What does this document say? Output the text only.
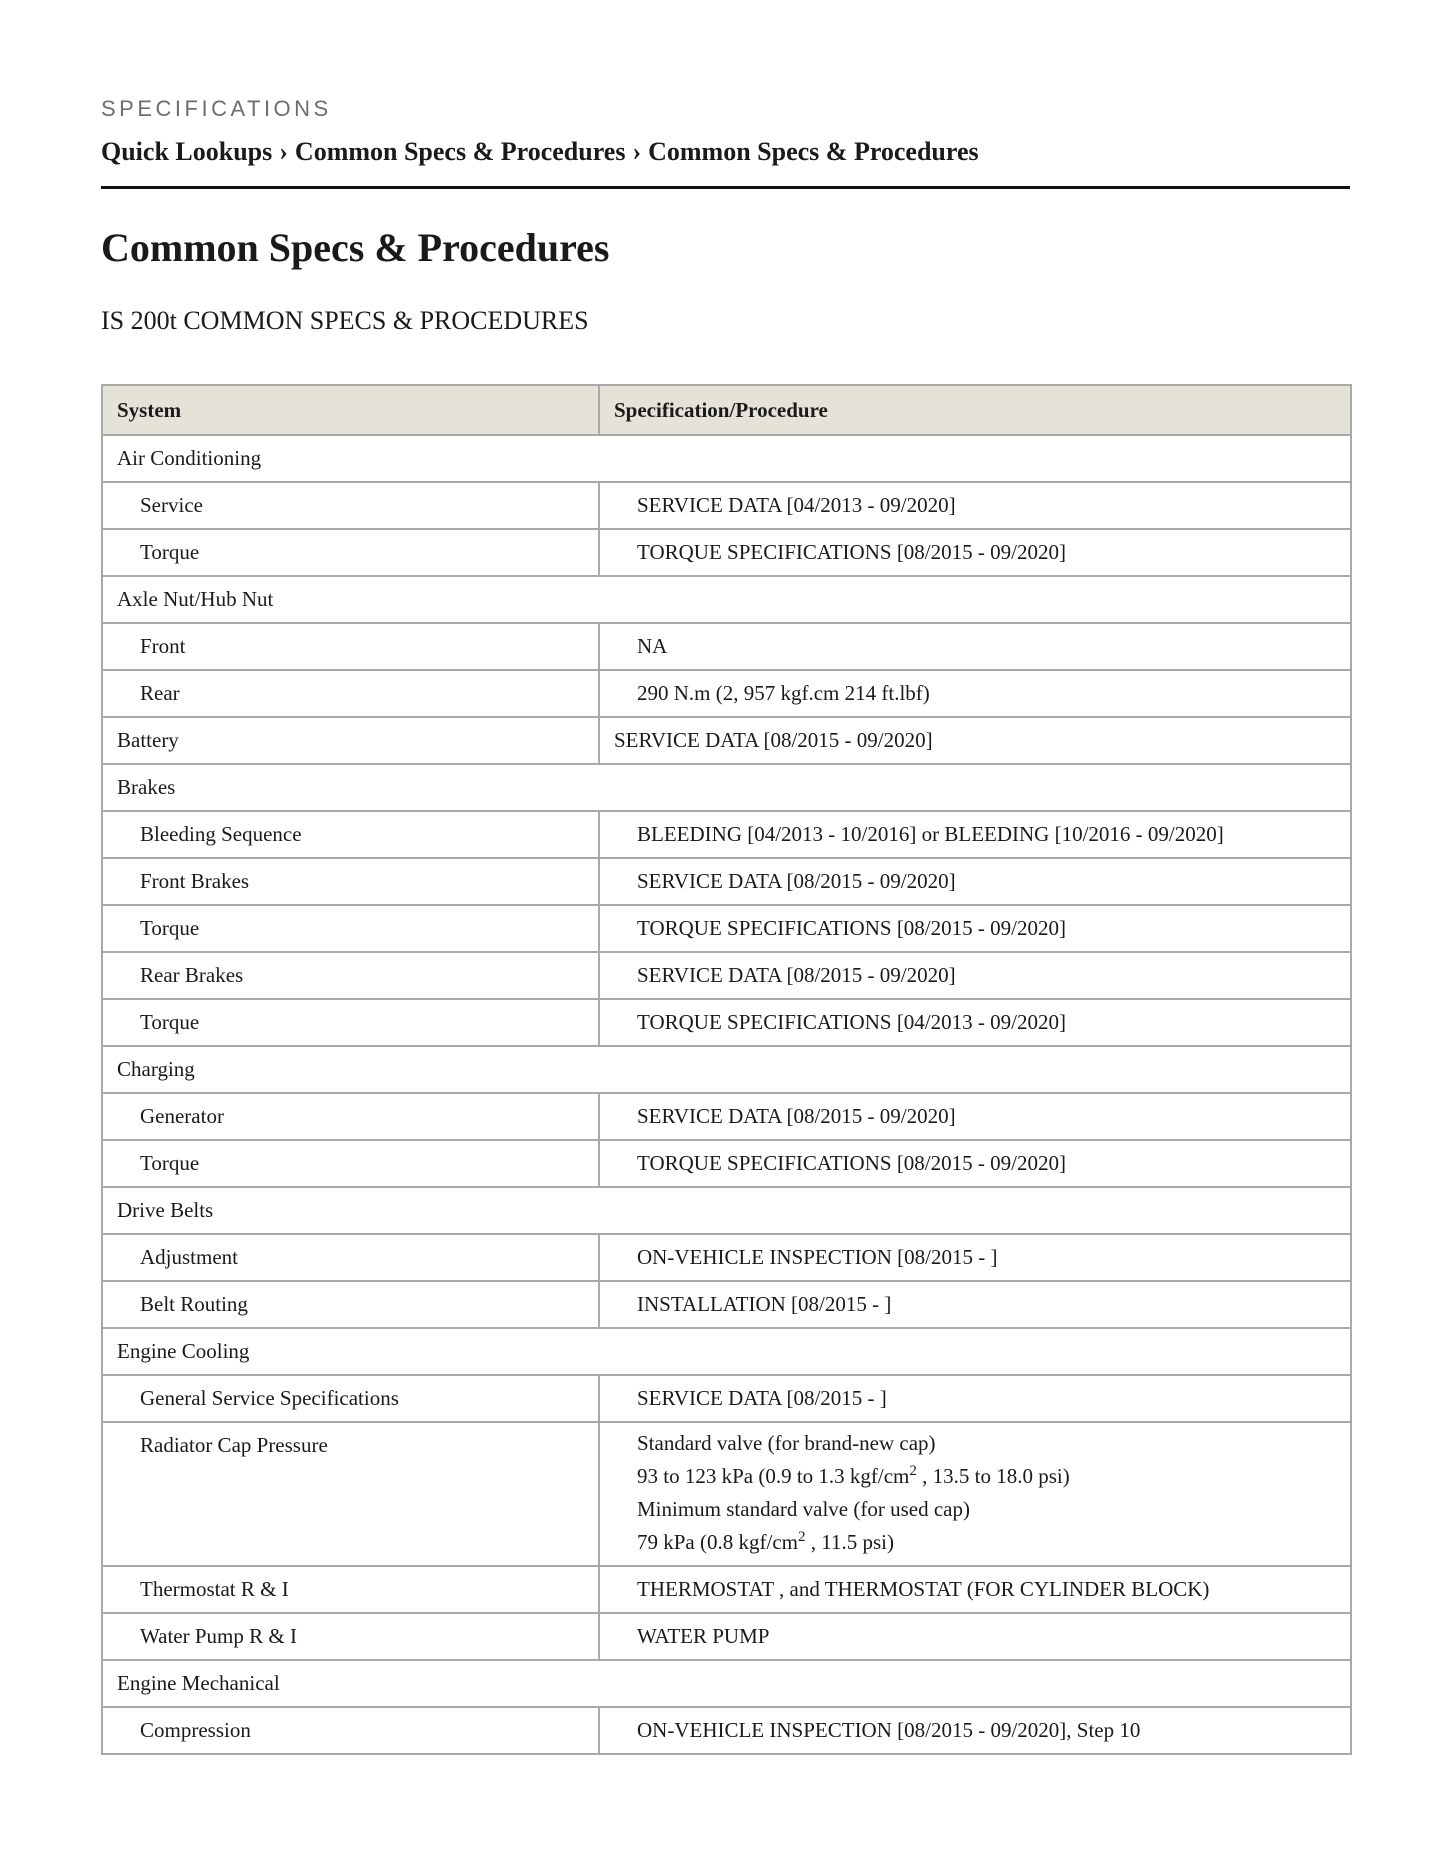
SPECIFICATIONS

Quick Lookups › Common Specs & Procedures › Common Specs & Procedures
Common Specs & Procedures
IS 200t COMMON SPECS & PROCEDURES
System	Specification/Procedure
Air Conditioning	
Service	SERVICE DATA [04/2013 - 09/2020]
Torque	TORQUE SPECIFICATIONS [08/2015 - 09/2020]
Axle Nut/Hub Nut	
Front	NA
Rear	290 N.m (2, 957 kgf.cm 214 ft.lbf)
Battery	SERVICE DATA [08/2015 - 09/2020]
Brakes	
Bleeding Sequence	BLEEDING [04/2013 - 10/2016] or BLEEDING [10/2016 - 09/2020]
Front Brakes	SERVICE DATA [08/2015 - 09/2020]
Torque	TORQUE SPECIFICATIONS [08/2015 - 09/2020]
Rear Brakes	SERVICE DATA [08/2015 - 09/2020]
Torque	TORQUE SPECIFICATIONS [04/2013 - 09/2020]
Charging	
Generator	SERVICE DATA [08/2015 - 09/2020]
Torque	TORQUE SPECIFICATIONS [08/2015 - 09/2020]
Drive Belts	
Adjustment	ON-VEHICLE INSPECTION [08/2015 - ]
Belt Routing	INSTALLATION [08/2015 - ]
Engine Cooling	
General Service Specifications	SERVICE DATA [08/2015 - ]
Radiator Cap Pressure	Standard valve (for brand-new cap)
93 to 123 kPa (0.9 to 1.3 kgf/$cm^2$ , 13.5 to 18.0 psi)
Minimum standard valve (for used cap)
79 kPa (0.8 kgf/$cm^2$ , 11.5 psi)

Thermostat R & I	THERMOSTAT , and THERMOSTAT (FOR CYLINDER BLOCK)
Water Pump R & I	WATER PUMP
Engine Mechanical	
Compression	ON-VEHICLE INSPECTION [08/2015 - 09/2020], Step 10
